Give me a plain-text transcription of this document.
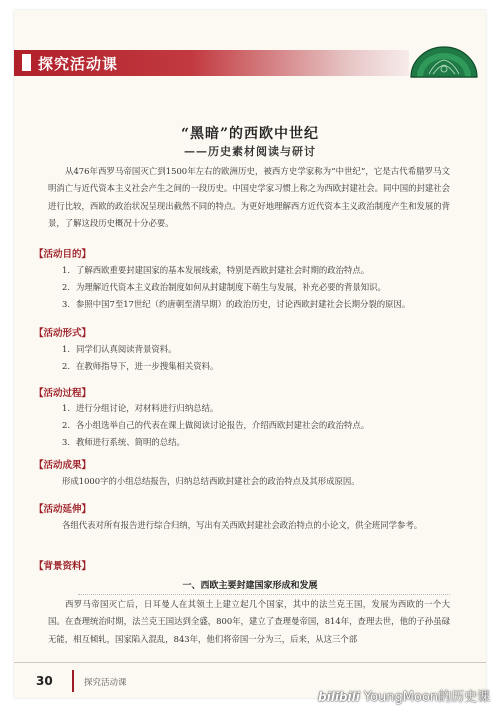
探究活动课
“黑暗”的西欧中世纪
——历史素材阅读与研讨

从476年西罗马帝国灭亡到1500年左右的欧洲历史，被西方史学家称为“中世纪”，它是古代希腊罗马文明消亡与近代资本主义社会产生之间的一段历史。中国史学家习惯上称之为西欧封建社会。同中国的封建社会进行比较，西欧的政治状况呈现出截然不同的特点。为更好地理解西方近代资本主义政治制度产生和发展的背景，了解这段历史概况十分必要。

【活动目的】
1. 了解西欧重要封建国家的基本发展线索，特别是西欧封建社会时期的政治特点。
2. 为理解近代资本主义政治制度如何从封建制度下萌生与发展，补充必要的背景知识。
3. 参照中国7至17世纪（约唐朝至清早期）的政治历史，讨论西欧封建社会长期分裂的原因。
【活动形式】
1. 同学们认真阅读背景资料。
2. 在教师指导下，进一步搜集相关资料。
【活动过程】
1. 进行分组讨论，对材料进行归纳总结。
2. 各小组选举自己的代表在课上做阅读讨论报告，介绍西欧封建社会的政治特点。
3. 教师进行系统、简明的总结。
【活动成果】

形成1000字的小组总结报告，归纳总结西欧封建社会的政治特点及其形成原因。

【活动延伸】

各组代表对所有报告进行综合归纳，写出有关西欧封建社会政治特点的小论文，供全班同学参考。

【背景资料】
一、西欧主要封建国家形成和发展

西罗马帝国灭亡后，日耳曼人在其领土上建立起几个国家，其中的法兰克王国，发展为西欧的一个大国。在查理统治时期，法兰克王国达到全盛，800年，建立了查理曼帝国，814年，查理去世，他的子孙虽碌无能，相互倾轧，国家陷入混乱，843年，他们将帝国一分为三，后来，从这三个部

30	探究活动课
bilibili YoungMoon的历史课
